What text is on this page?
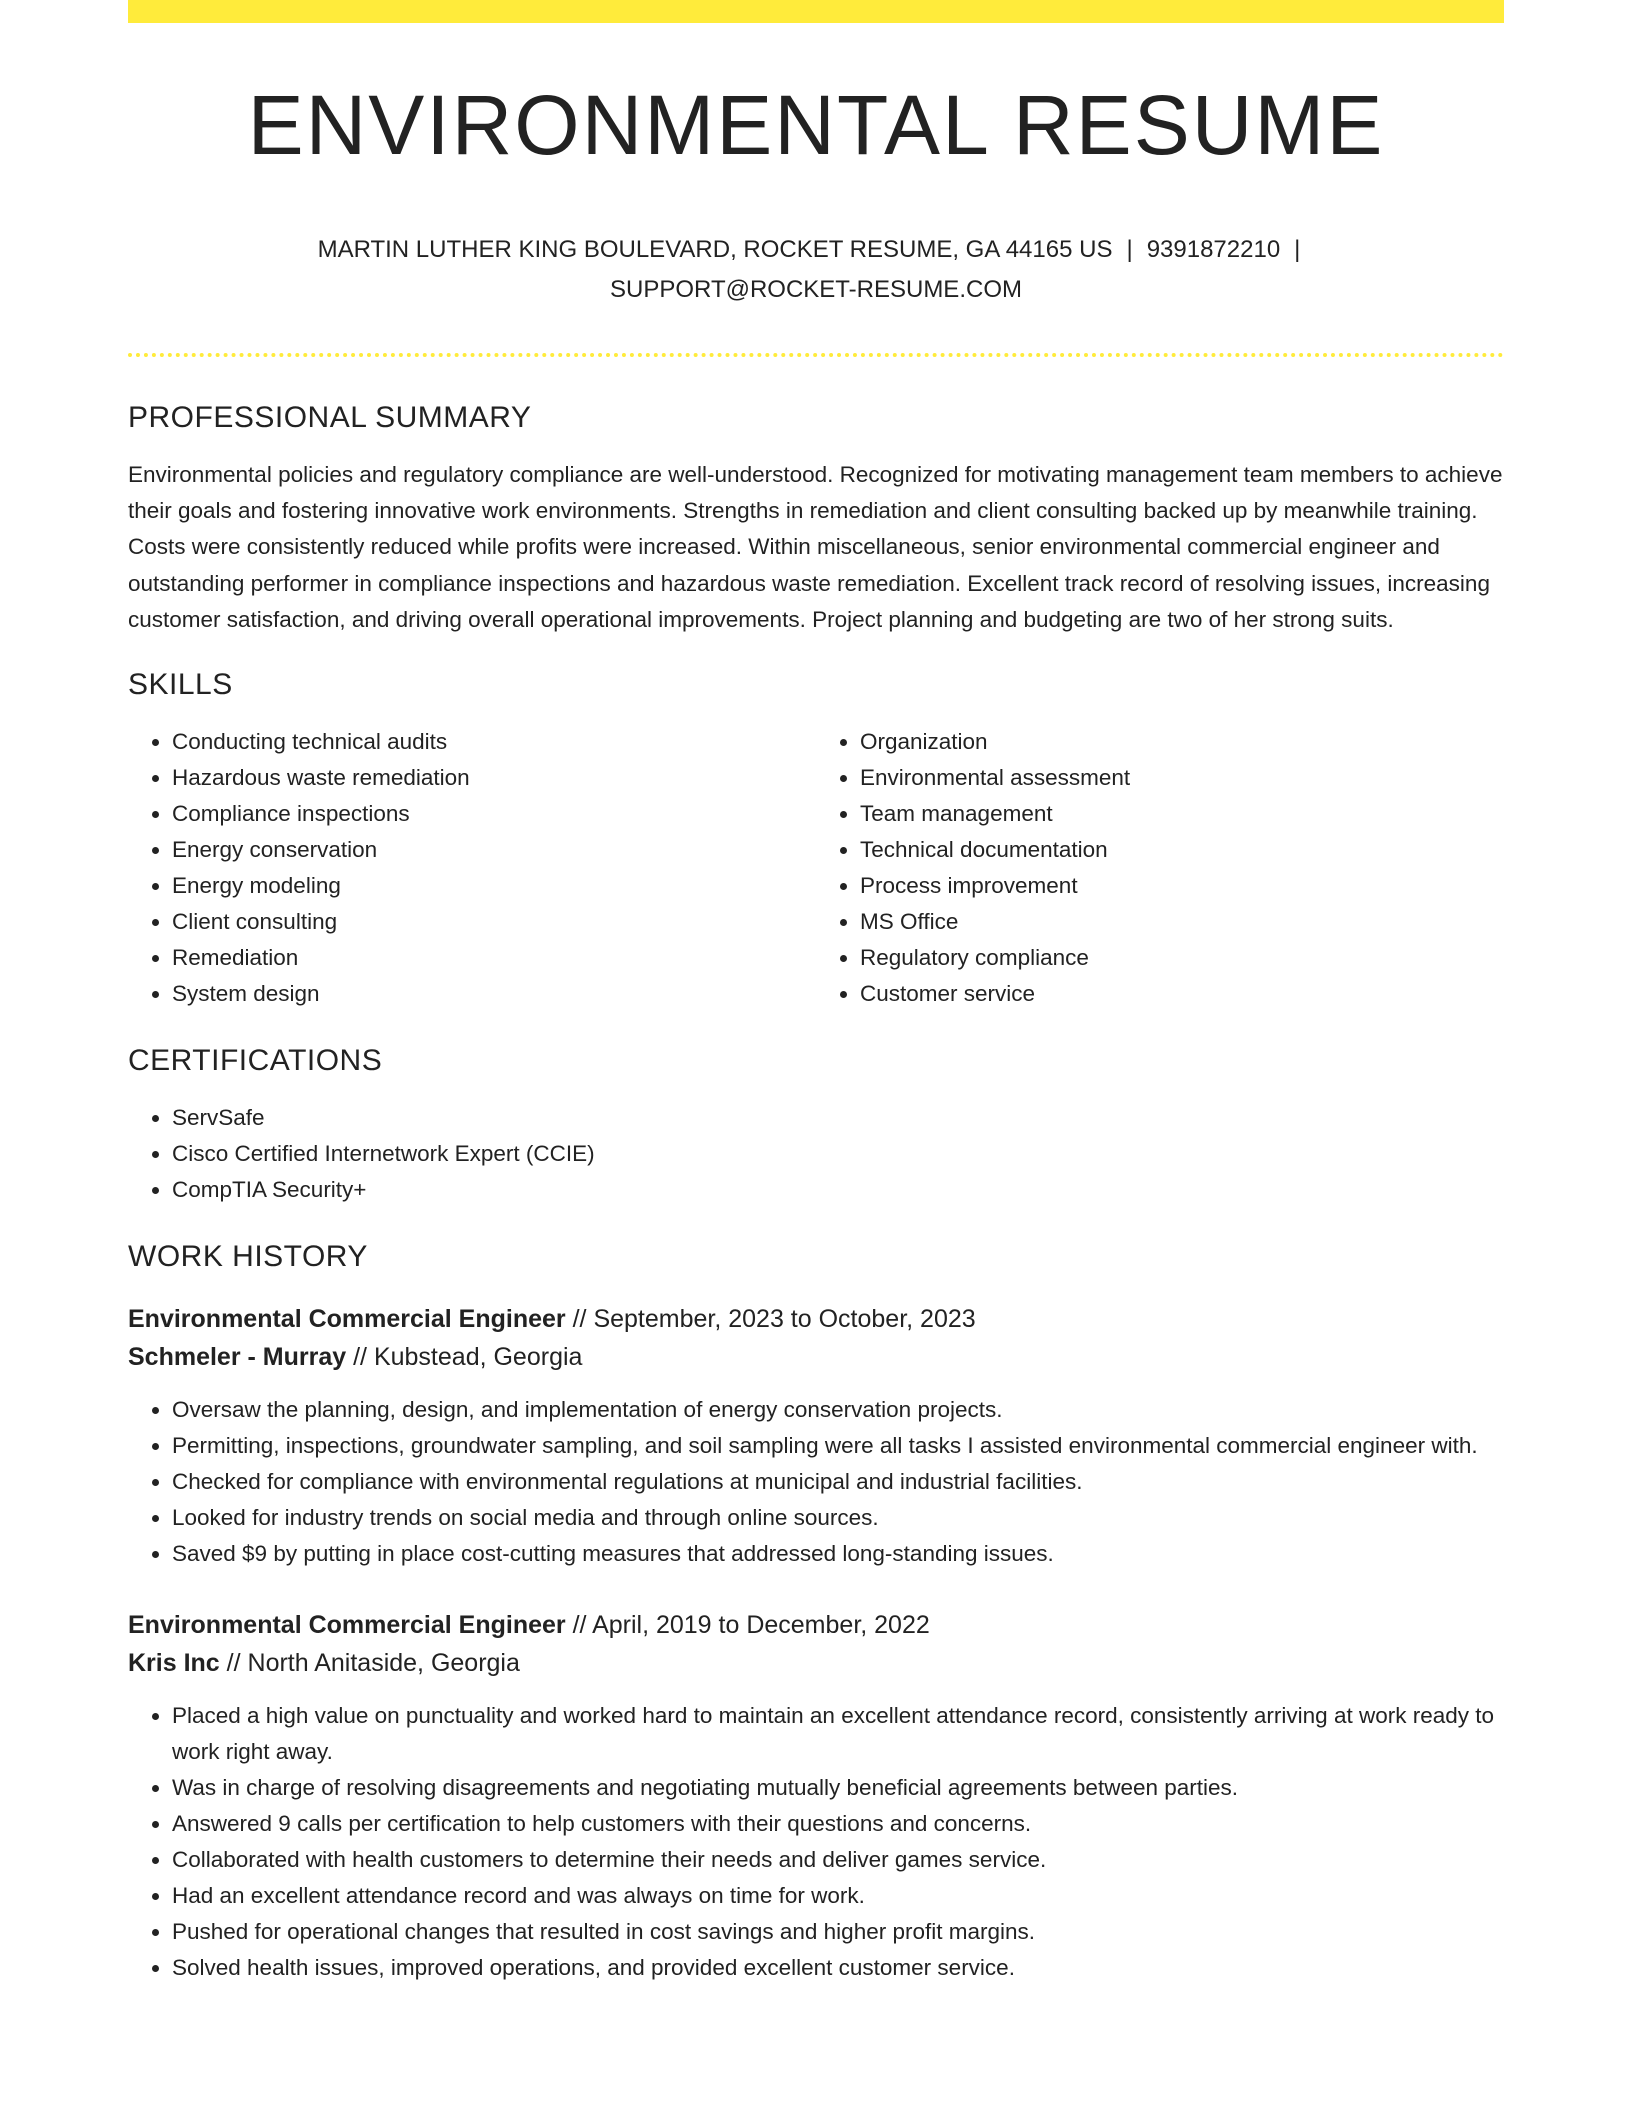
ENVIRONMENTAL RESUME
MARTIN LUTHER KING BOULEVARD, ROCKET RESUME, GA 44165 US | 9391872210 |
SUPPORT@ROCKET-RESUME.COM
PROFESSIONAL SUMMARY
Environmental policies and regulatory compliance are well-understood. Recognized for motivating management team members to achieve their goals and fostering innovative work environments. Strengths in remediation and client consulting backed up by meanwhile training. Costs were consistently reduced while profits were increased. Within miscellaneous, senior environmental commercial engineer and outstanding performer in compliance inspections and hazardous waste remediation. Excellent track record of resolving issues, increasing customer satisfaction, and driving overall operational improvements. Project planning and budgeting are two of her strong suits.
SKILLS
• Conducting technical audits
• Hazardous waste remediation
• Compliance inspections
• Energy conservation
• Energy modeling
• Client consulting
• Remediation
• System design
• Organization
• Environmental assessment
• Team management
• Technical documentation
• Process improvement
• MS Office
• Regulatory compliance
• Customer service
CERTIFICATIONS
• ServSafe
• Cisco Certified Internetwork Expert (CCIE)
• CompTIA Security+
WORK HISTORY
Environmental Commercial Engineer // September, 2023 to October, 2023
Schmeler - Murray // Kubstead, Georgia
• Oversaw the planning, design, and implementation of energy conservation projects.
• Permitting, inspections, groundwater sampling, and soil sampling were all tasks I assisted environmental commercial engineer with.
• Checked for compliance with environmental regulations at municipal and industrial facilities.
• Looked for industry trends on social media and through online sources.
• Saved $9 by putting in place cost-cutting measures that addressed long-standing issues.
Environmental Commercial Engineer // April, 2019 to December, 2022
Kris Inc // North Anitaside, Georgia
• Placed a high value on punctuality and worked hard to maintain an excellent attendance record, consistently arriving at work ready to work right away.
• Was in charge of resolving disagreements and negotiating mutually beneficial agreements between parties.
• Answered 9 calls per certification to help customers with their questions and concerns.
• Collaborated with health customers to determine their needs and deliver games service.
• Had an excellent attendance record and was always on time for work.
• Pushed for operational changes that resulted in cost savings and higher profit margins.
• Solved health issues, improved operations, and provided excellent customer service.
